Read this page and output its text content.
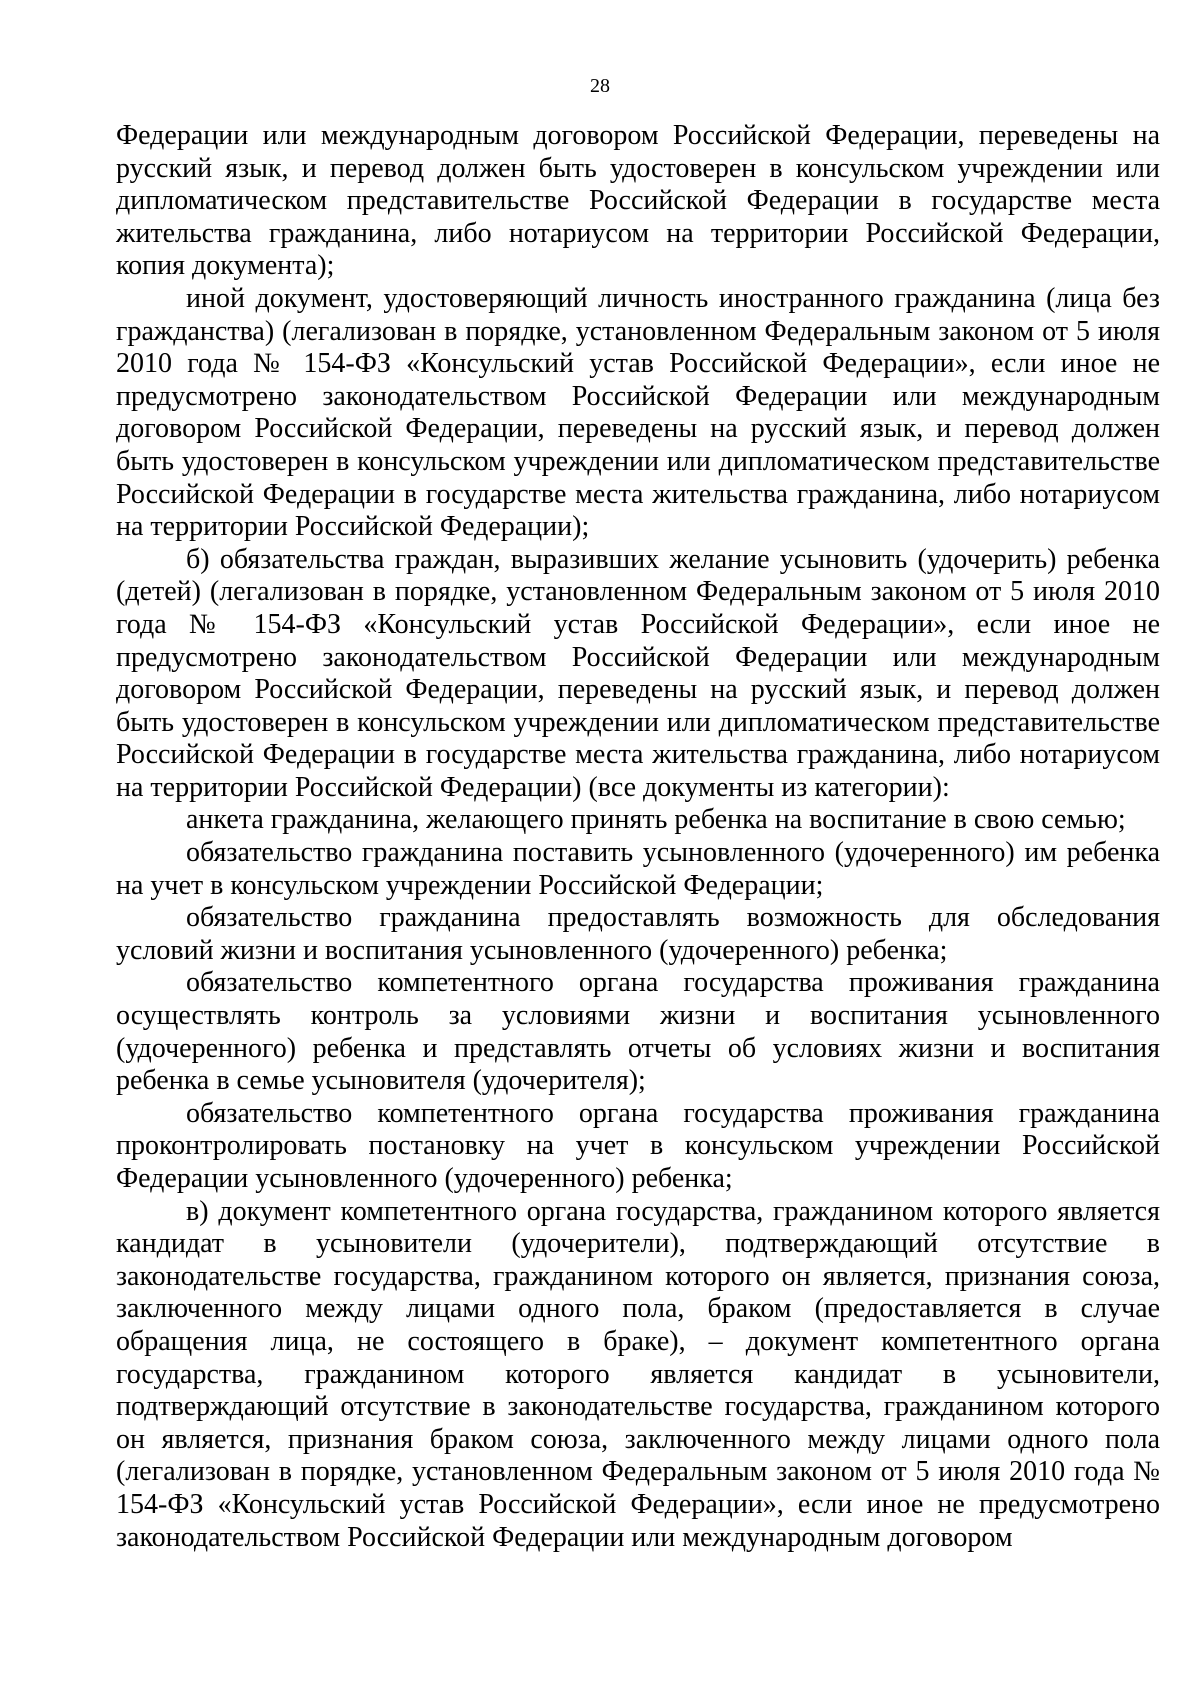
28

Федерации или международным договором Российской Федерации, переведены на русский язык, и перевод должен быть удостоверен в консульском учреждении или дипломатическом представительстве Российской Федерации в государстве места жительства гражданина, либо нотариусом на территории Российской Федерации, копия документа);

иной документ, удостоверяющий личность иностранного гражданина (лица без гражданства) (легализован в порядке, установленном Федеральным законом от 5 июля 2010 года № 154-ФЗ «Консульский устав Российской Федерации», если иное не предусмотрено законодательством Российской Федерации или международным договором Российской Федерации, переведены на русский язык, и перевод должен быть удостоверен в консульском учреждении или дипломатическом представительстве Российской Федерации в государстве места жительства гражданина, либо нотариусом на территории Российской Федерации);

б) обязательства граждан, выразивших желание усыновить (удочерить) ребенка (детей) (легализован в порядке, установленном Федеральным законом от 5 июля 2010 года № 154-ФЗ «Консульский устав Российской Федерации», если иное не предусмотрено законодательством Российской Федерации или международным договором Российской Федерации, переведены на русский язык, и перевод должен быть удостоверен в консульском учреждении или дипломатическом представительстве Российской Федерации в государстве места жительства гражданина, либо нотариусом на территории Российской Федерации) (все документы из категории):

анкета гражданина, желающего принять ребенка на воспитание в свою семью;

обязательство гражданина поставить усыновленного (удочеренного) им ребенка на учет в консульском учреждении Российской Федерации;

обязательство гражданина предоставлять возможность для обследования условий жизни и воспитания усыновленного (удочеренного) ребенка;

обязательство компетентного органа государства проживания гражданина осуществлять контроль за условиями жизни и воспитания усыновленного (удочеренного) ребенка и представлять отчеты об условиях жизни и воспитания ребенка в семье усыновителя (удочерителя);

обязательство компетентного органа государства проживания гражданина проконтролировать постановку на учет в консульском учреждении Российской Федерации усыновленного (удочеренного) ребенка;

в) документ компетентного органа государства, гражданином которого является кандидат в усыновители (удочерители), подтверждающий отсутствие в законодательстве государства, гражданином которого он является, признания союза, заключенного между лицами одного пола, браком (предоставляется в случае обращения лица, не состоящего в браке), – документ компетентного органа государства, гражданином которого является кандидат в усыновители, подтверждающий отсутствие в законодательстве государства, гражданином которого он является, признания браком союза, заключенного между лицами одного пола (легализован в порядке, установленном Федеральным законом от 5 июля 2010 года № 154-ФЗ «Консульский устав Российской Федерации», если иное не предусмотрено законодательством Российской Федерации или международным договором
